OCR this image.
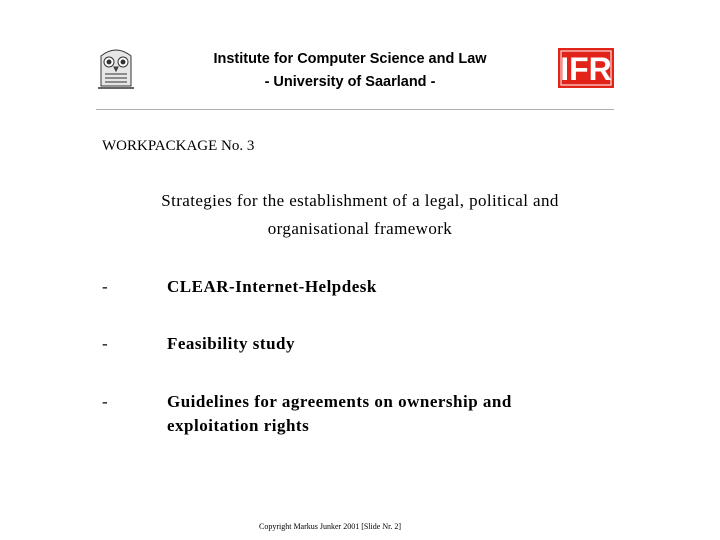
Institute for Computer Science and Law
- University of Saarland -	IFR
WORKPACKAGE No. 3
Strategies for the establishment of a legal, political and
organisational framework
-	CLEAR-Internet-Helpdesk
-	Feasibility study
-	Guidelines for agreements on ownership and exploitation rights
Copyright Markus Junker 2001 [Slide Nr. 2]
